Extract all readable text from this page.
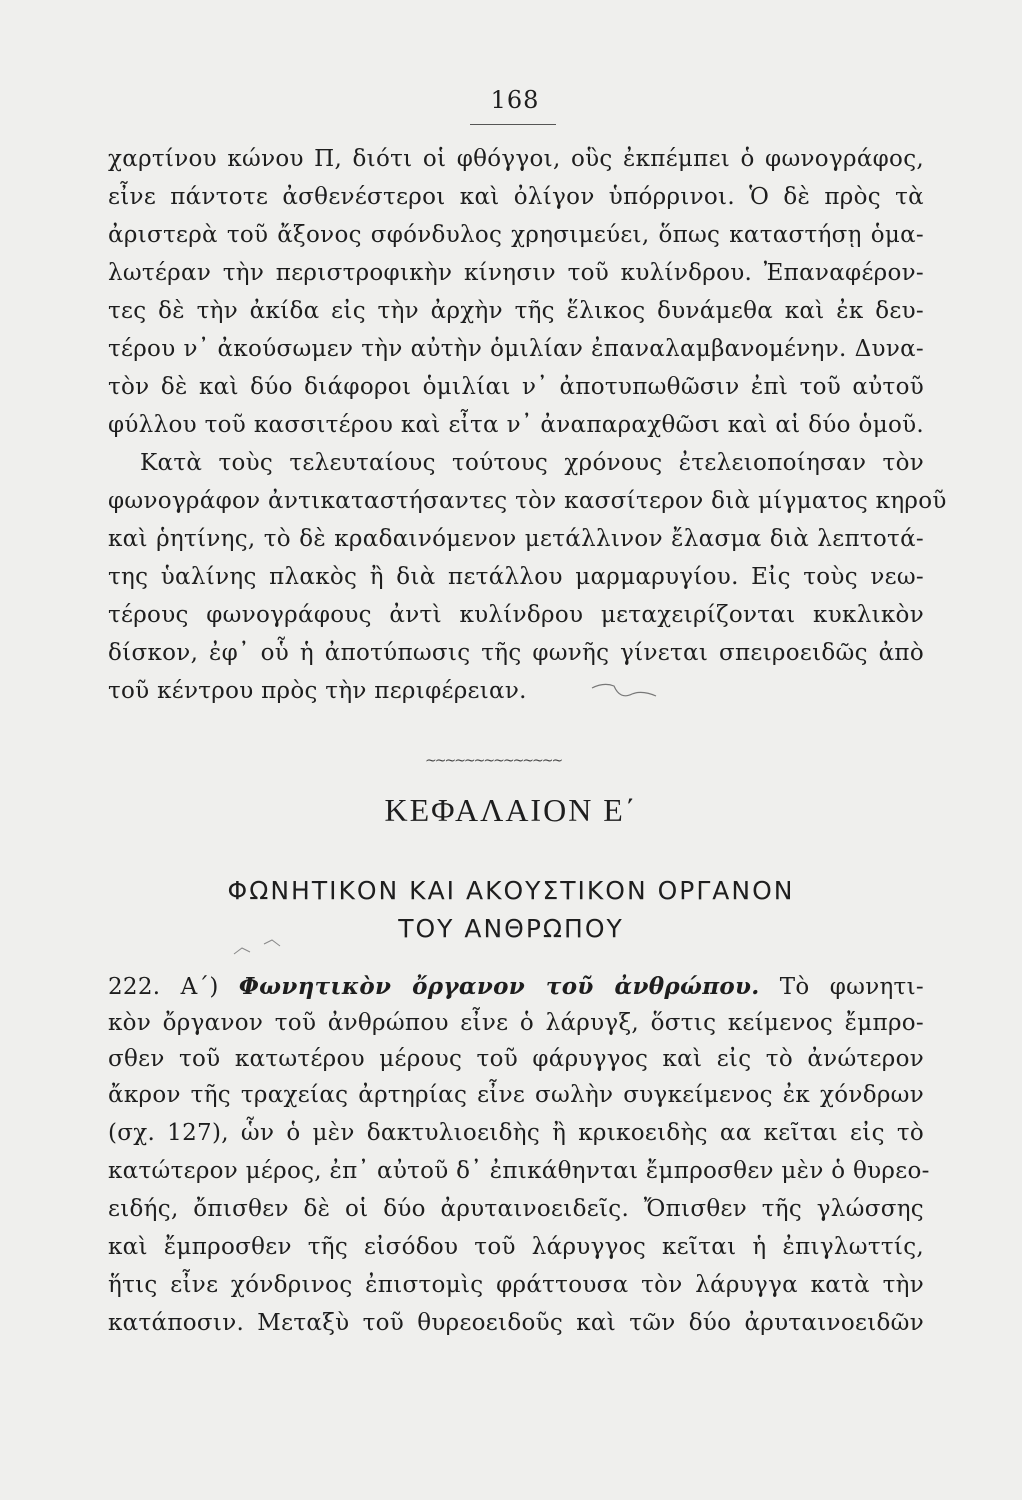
168
χαρτίνου κώνου Π, διότι οἱ φθόγγοι, οὓς ἐκπέμπει ὁ φωνογράφος,
εἶνε πάντοτε ἀσθενέστεροι καὶ ὀλίγον ὑπόρρινοι. Ὁ δὲ πρὸς τὰ
ἀριστερὰ τοῦ ἄξονος σφόνδυλος χρησιμεύει, ὅπως καταστήσῃ ὁμα-
λωτέραν τὴν περιστροφικὴν κίνησιν τοῦ κυλίνδρου. Ἐπαναφέρον-
τες δὲ τὴν ἀκίδα εἰς τὴν ἀρχὴν τῆς ἕλικος δυνάμεθα καὶ ἐκ δευ-
τέρου ν᾿ ἀκούσωμεν τὴν αὐτὴν ὁμιλίαν ἐπαναλαμβανομένην. Δυνα-
τὸν δὲ καὶ δύο διάφοροι ὁμιλίαι ν᾿ ἀποτυπωθῶσιν ἐπὶ τοῦ αὐτοῦ
φύλλου τοῦ κασσιτέρου καὶ εἶτα ν᾿ ἀναπαραχθῶσι καὶ αἱ δύο ὁμοῦ.
Κατὰ τοὺς τελευταίους τούτους χρόνους ἐτελειοποίησαν τὸν
φωνογράφον ἀντικαταστήσαντες τὸν κασσίτερον διὰ μίγματος κηροῦ
καὶ ῥητίνης, τὸ δὲ κραδαινόμενον μετάλλινον ἔλασμα διὰ λεπτοτά-
της ὑαλίνης πλακὸς ἢ διὰ πετάλλου μαρμαρυγίου. Εἰς τοὺς νεω-
τέρους φωνογράφους ἀντὶ κυλίνδρου μεταχειρίζονται κυκλικὸν
δίσκον, ἐφ᾿ οὗ ἡ ἀποτύπωσις τῆς φωνῆς γίνεται σπειροειδῶς ἀπὸ
τοῦ κέντρου πρὸς τὴν περιφέρειαν.
~~~~~~~~~~~~~~
ΚΕΦΑΛΑΙΟΝ Ε΄
ΦΩΝΗΤΙΚΟΝ ΚΑΙ ΑΚΟΥΣΤΙΚΟΝ ΟΡΓΑΝΟΝ
ΤΟΥ ΑΝΘΡΩΠΟΥ
222. Α΄) Φωνητικὸν ὄργανον τοῦ ἀνθρώπου. Τὸ φωνητι-
κὸν ὄργανον τοῦ ἀνθρώπου εἶνε ὁ λάρυγξ, ὅστις κείμενος ἔμπρο-
σθεν τοῦ κατωτέρου μέρους τοῦ φάρυγγος καὶ εἰς τὸ ἀνώτερον
ἄκρον τῆς τραχείας ἀρτηρίας εἶνε σωλὴν συγκείμενος ἐκ χόνδρων
(σχ. 127), ὧν ὁ μὲν δακτυλιοειδὴς ἢ κρικοειδὴς αα κεῖται εἰς τὸ
κατώτερον μέρος, ἐπ᾿ αὐτοῦ δ᾿ ἐπικάθηνται ἔμπροσθεν μὲν ὁ θυρεο-
ειδής, ὄπισθεν δὲ οἱ δύο ἀρυταινοειδεῖς. Ὄπισθεν τῆς γλώσσης
καὶ ἔμπροσθεν τῆς εἰσόδου τοῦ λάρυγγος κεῖται ἡ ἐπιγλωττίς,
ἥτις εἶνε χόνδρινος ἐπιστομὶς φράττουσα τὸν λάρυγγα κατὰ τὴν
κατάποσιν. Μεταξὺ τοῦ θυρεοειδοῦς καὶ τῶν δύο ἀρυταινοειδῶν
